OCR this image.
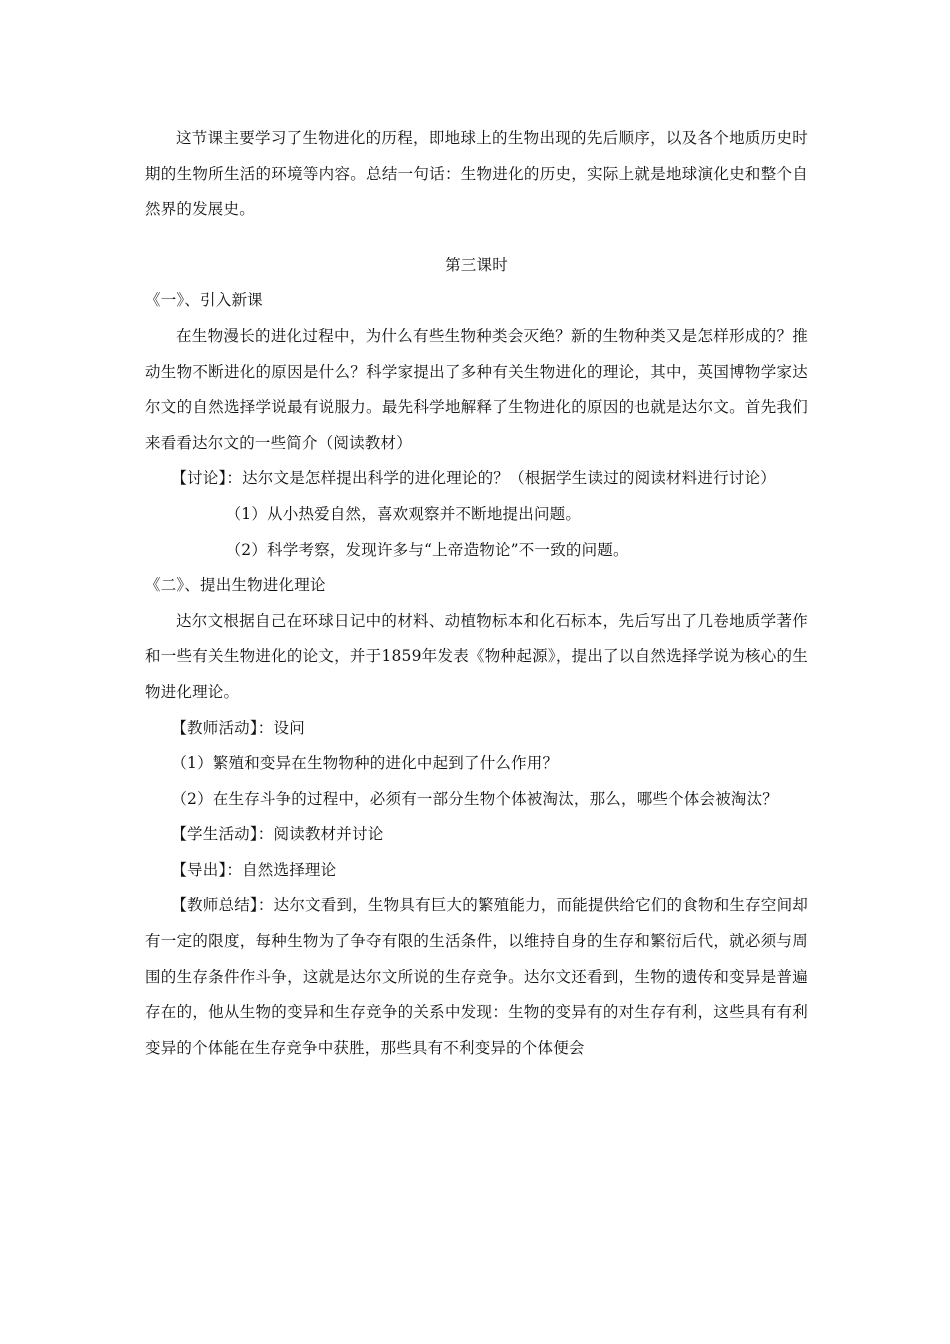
这节课主要学习了生物进化的历程，即地球上的生物出现的先后顺序，以及各个地质历史时期的生物所生活的环境等内容。总结一句话：生物进化的历史，实际上就是地球演化史和整个自然界的发展史。

第三课时

《一》、引入新课

在生物漫长的进化过程中，为什么有些生物种类会灭绝？新的生物种类又是怎样形成的？推动生物不断进化的原因是什么？科学家提出了多种有关生物进化的理论，其中，英国博物学家达尔文的自然选择学说最有说服力。最先科学地解释了生物进化的原因的也就是达尔文。首先我们来看看达尔文的一些简介（阅读教材）

【讨论】：达尔文是怎样提出科学的进化理论的？（根据学生读过的阅读材料进行讨论）

（1）从小热爱自然，喜欢观察并不断地提出问题。

（2）科学考察，发现许多与“上帝造物论”不一致的问题。

《二》、提出生物进化理论

达尔文根据自己在环球日记中的材料、动植物标本和化石标本，先后写出了几卷地质学著作和一些有关生物进化的论文，并于1859年发表《物种起源》，提出了以自然选择学说为核心的生物进化理论。

【教师活动】：设问

（1）繁殖和变异在生物物种的进化中起到了什么作用？

（2）在生存斗争的过程中，必须有一部分生物个体被淘汰，那么，哪些个体会被淘汰？

【学生活动】：阅读教材并讨论

【导出】：自然选择理论

【教师总结】：达尔文看到，生物具有巨大的繁殖能力，而能提供给它们的食物和生存空间却有一定的限度，每种生物为了争夺有限的生活条件，以维持自身的生存和繁衍后代，就必须与周围的生存条件作斗争，这就是达尔文所说的生存竞争。达尔文还看到，生物的遗传和变异是普遍存在的，他从生物的变异和生存竞争的关系中发现：生物的变异有的对生存有利，这些具有有利变异的个体能在生存竞争中获胜，那些具有不利变异的个体便会
